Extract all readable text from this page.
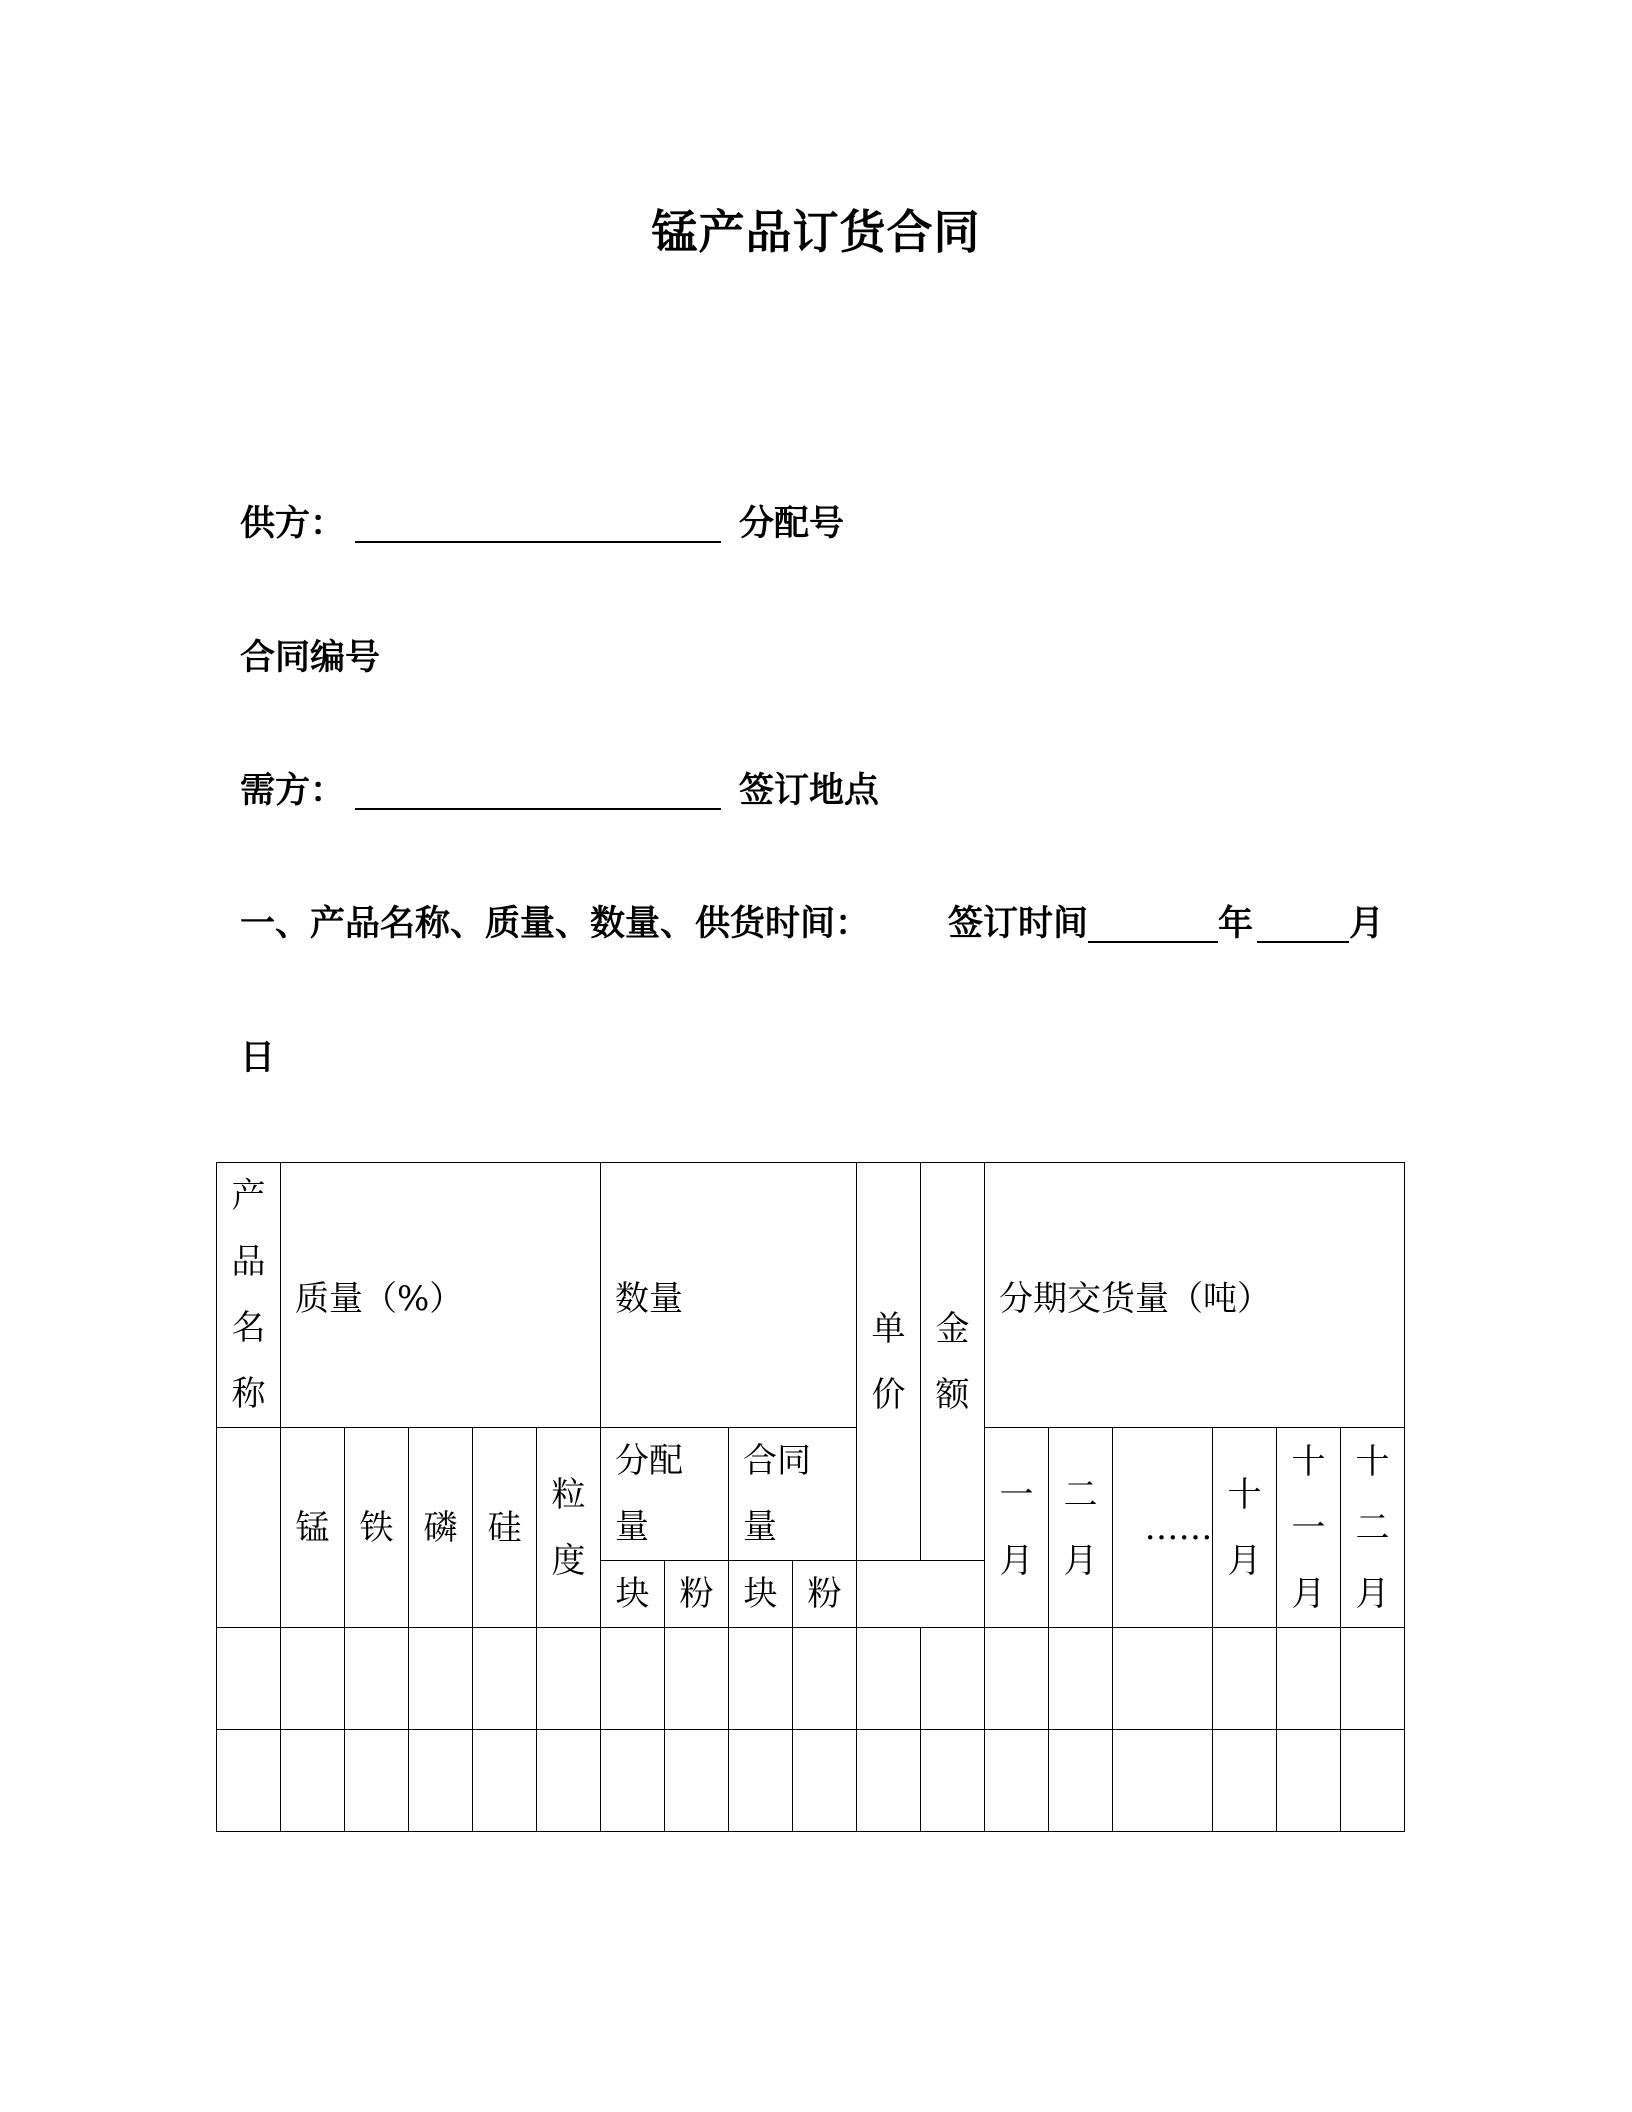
锰产品订货合同
供方：	分配号
合同编号
需方：	签订地点
一、产品名称、质量、数量、供货时间： 签订时间	年	月
日
产品名称	质量（%）					数量				单价	金额	分期交货量（吨）					
	锰	铁	磷	硅	粒度	分配量		合同量				一月	二月	……	十月	十一月	十二月
						块	粉	块	粉							
